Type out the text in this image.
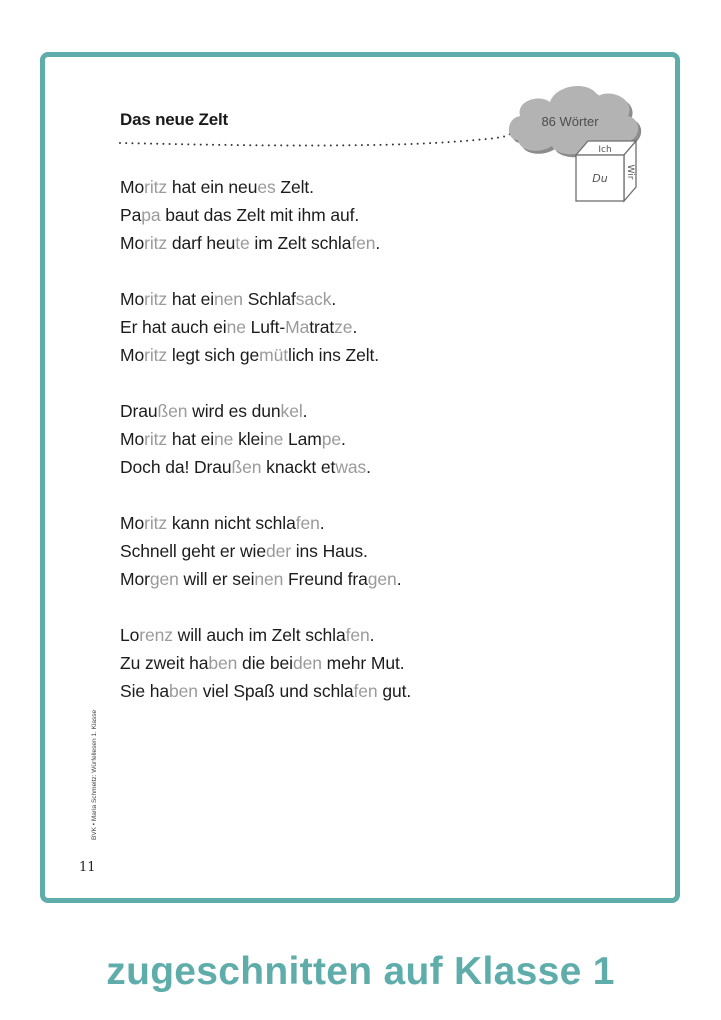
Das neue Zelt
Ich
Du Wir
86 Wörter
Moritz hat ein neues Zelt.
Papa baut das Zelt mit ihm auf.
Moritz darf heute im Zelt schlafen.
Moritz hat einen Schlafsack.
Er hat auch eine Luft-Matratze.
Moritz legt sich gemütlich ins Zelt.
Draußen wird es dunkel.
Moritz hat eine kleine Lampe.
Doch da! Draußen knackt etwas.
Moritz kann nicht schlafen.
Schnell geht er wieder ins Haus.
Morgen will er seinen Freund fragen.
Lorenz will auch im Zelt schlafen.
Zu zweit haben die beiden mehr Mut.
Sie haben viel Spaß und schlafen gut.
BVK • Maria Schmeitz: Würfellesen 1. Klasse
11
zugeschnitten auf Klasse 1
